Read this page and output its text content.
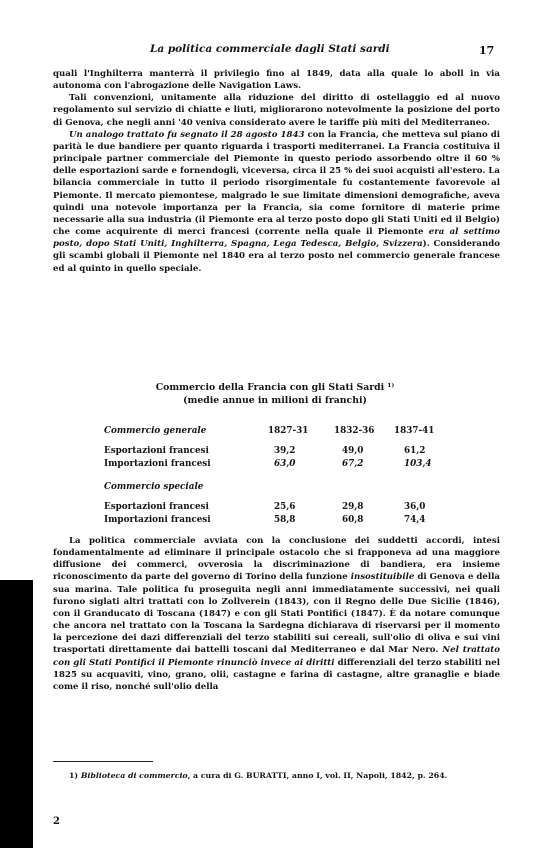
La politica commerciale dagli Stati sardi	17

quali l'Inghilterra manterrà il privilegio fino al 1849, data alla quale lo aboll in via autonoma con l'abrogazione delle Navigation Laws.

Tali convenzioni, unitamente alla riduzione del diritto di ostellaggio ed al nuovo regolamento sul servizio di chiatte e liuti, migliorarono notevolmente la posizione del porto di Genova, che negli anni '40 veniva considerato avere le tariffe più miti del Mediterraneo.

Un analogo trattato fu segnato il 28 agosto 1843 con la Francia, che metteva sul piano di parità le due bandiere per quanto riguarda i trasporti mediterranei. La Francia costituiva il principale partner commerciale del Piemonte in questo periodo assorbendo oltre il 60 % delle esportazioni sarde e fornendogli, viceversa, circa il 25 % dei suoi acquisti all'estero. La bilancia commerciale in tutto il periodo risorgimentale fu costantemente favorevole al Piemonte. Il mercato piemontese, malgrado le sue limitate dimensioni demografiche, aveva quindi una notevole importanza per la Francia, sia come fornitore di materie prime necessarie alla sua industria (il Piemonte era al terzo posto dopo gli Stati Uniti ed il Belgio) che come acquirente di merci francesi (corrente nella quale il Piemonte era al settimo posto, dopo Stati Uniti, Inghilterra, Spagna, Lega Tedesca, Belgio, Svizzera). Considerando gli scambi globali il Piemonte nel 1840 era al terzo posto nel commercio generale francese ed al quinto in quello speciale.

Commercio della Francia con gli Stati Sardi ¹⁾
(medie annue in milioni di franchi)
Commercio generale	1827-31	1832-36 1837-41
Esportazioni francesi	39,2	49,0	61,2
Importazioni francesi	63,0	67,2	103,4
Commercio speciale
Esportazioni francesi	25,6	29,8	36,0
Importazioni francesi	58,8	60,8	74,4

La politica commerciale avviata con la conclusione dei suddetti accordi, intesi fondamentalmente ad eliminare il principale ostacolo che si frapponeva ad una maggiore diffusione dei commerci, ovverosia la discriminazione di bandiera, era insieme riconoscimento da parte del governo di Torino della funzione insostituibile di Genova e della sua marina. Tale politica fu proseguita negli anni immediatamente successivi, nei quali furono siglati altri trattati con lo Zollverein (1843), con il Regno delle Due Sicilie (1846), con il Granducato di Toscana (1847) e con gli Stati Pontifici (1847). È da notare comunque che ancora nel trattato con la Toscana la Sardegna dichiarava di riservarsi per il momento la percezione dei dazi differenziali del terzo stabiliti sui cereali, sull'olio di oliva e sui vini trasportati direttamente dai battelli toscani dal Mediterraneo e dal Mar Nero. Nel trattato con gli Stati Pontifici il Piemonte rinunciò invece ai diritti differenziali del terzo stabiliti nel 1825 su acquaviti, vino, grano, olii, castagne e farina di castagne, altre granaglie e biade come il riso, nonché sull'olio della

1) Biblioteca di commercio, a cura di G. BURATTI, anno I, vol. II, Napoli, 1842, p. 264.
2
